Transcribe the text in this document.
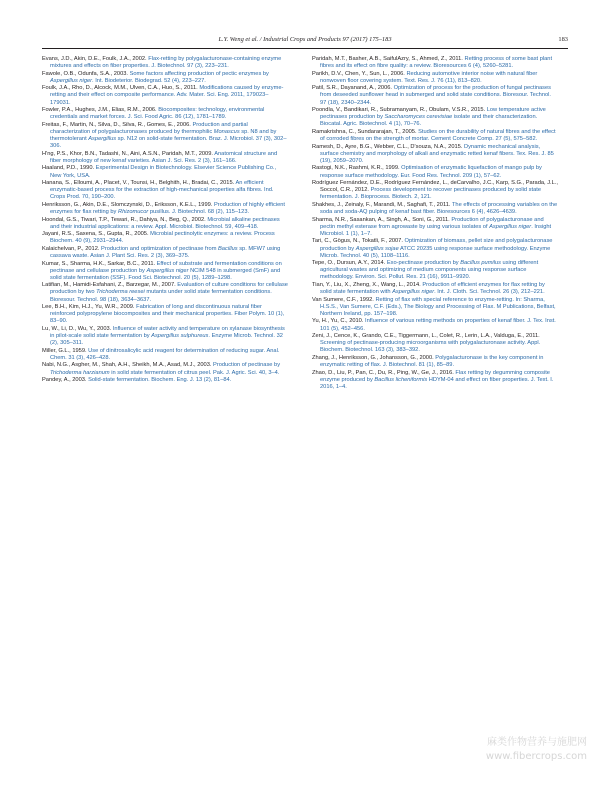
L.Y. Weng et al. / Industrial Crops and Products 97 (2017) 175–183	183
Evans, J.D., Akin, D.E., Foulk, J.A., 2002. Flax-retting by polygalacturonase-containing enzyme mixtures and effects on fiber properties. J. Biotechnol. 97 (3), 223–231.
Fawole, O.B., Odunfa, S.A., 2003. Some factors affecting production of pectic enzymes by Aspergillus niger. Int. Biodeterior. Biodegrad. 52 (4), 223–227.
Foulk, J.A., Rho, D., Alcock, M.M., Ulven, C.A., Huo, S., 2011. Modifications caused by enzyme-retting and their effect on composite performance. Adv. Mater. Sci. Eng. 2011, 179023–179031.
Fowler, P.A., Hughes, J.M., Elias, R.M., 2006. Biocomposites: technology, environmental credentials and market forces. J. Sci. Food Agric. 86 (12), 1781–1789.
Freitas, F., Martin, N., Silva, D., Silva, R., Gomes, E., 2006. Production and partial characterization of polygalacturonases produced by thermophilic Monascus sp. N8 and by thermotolerant Aspergillus sp. N12 on solid-state fermentation. Braz. J. Microbiol. 37 (3), 302–306.
H'ng, P.S., Khor, B.N., Tadashi, N., Aini, A.S.N., Paridah, M.T., 2009. Anatomical structure and fiber morphology of new kenaf varieties. Asian J. Sci. Res. 2 (3), 161–166.
Haaland, P.D., 1990. Experimental Design in Biotechnology. Elsevier Science Publishing Co., New York, USA.
Hanana, S., Elloumi, A., Placet, V., Tounsi, H., Belghith, H., Bradai, C., 2015. An efficient enzymatic-based process for the extraction of high-mechanical properties alfa fibres. Ind. Crops Prod. 70, 190–200.
Henriksson, G., Akin, D.E., Slomczynski, D., Eriksson, K.E.L., 1999. Production of highly efficient enzymes for flax retting by Rhizomucor pusillus. J. Biotechnol. 68 (2), 115–123.
Hoondal, G.S., Tiwari, T.P., Tewari, R., Dahiya, N., Beg, Q., 2002. Microbial alkaline pectinases and their industrial applications: a review. Appl. Microbiol. Biotechnol. 59, 409–418.
Jayani, R.S., Saxena, S., Gupta, R., 2005. Microbial pectinolytic enzymes: a review. Process Biochem. 40 (9), 2931–2944.
Kalaichelvan, P., 2012. Production and optimization of pectinase from Bacillus sp. MFW7 using cassava waste. Asian J. Plant Sci. Res. 2 (3), 369–375.
Kumar, S., Sharma, H.K., Sarkar, B.C., 2011. Effect of substrate and fermentation conditions on pectinase and cellulase production by Aspergillus niger NCIM 548 in submerged (SmF) and solid state fermentation (SSF). Food Sci. Biotechnol. 20 (5), 1289–1298.
Latifian, M., Hamidi-Esfahani, Z., Barzegar, M., 2007. Evaluation of culture conditions for cellulase production by two Trichoderma reesei mutants under solid state fermentation conditions. Bioresour. Technol. 98 (18), 3634–3637.
Lee, B.H., Kim, H.J., Yu, W.R., 2009. Fabrication of long and discontinuous natural fiber reinforced polypropylene biocomposites and their mechanical properties. Fiber Polym. 10 (1), 83–90.
Lu, W., Li, D., Wu, Y., 2003. Influence of water activity and temperature on xylanase biosynthesis in pilot-scale solid state fermentation by Aspergillus sulphureus. Enzyme Microb. Technol. 32 (2), 305–311.
Miller, G.L., 1959. Use of dinitrosalicylic acid reagent for determination of reducing sugar. Anal. Chem. 31 (3), 426–428.
Nabi, N.G., Asgher, M., Shah, A.H., Sheikh, M.A., Asad, M.J., 2003. Production of pectinase by Trichoderma harzianum in solid state fermentation of citrus peel. Pak. J. Agric. Sci. 40, 3–4.
Pandey, A., 2003. Solid-state fermentation. Biochem. Eng. J. 13 (2), 81–84.
Paridah, M.T., Basher, A.B., SaifulAzry, S., Ahmed, Z., 2011. Retting process of some bast plant fibres and its effect on fibre quality: a review. Bioresources 6 (4), 5260–5281.
Parikh, D.V., Chen, Y., Sun, L., 2006. Reducing automotive interior noise with natural fiber nonwoven floor covering system. Text. Res. J. 76 (11), 813–820.
Patil, S.R., Dayanand, A., 2006. Optimization of process for the production of fungal pectinases from deseeded sunflower head in submerged and solid state conditions. Bioresour. Technol. 97 (18), 2340–2344.
Poondla, V., Bandikari, R., Subramanyam, R., Obulam, V.S.R., 2015. Low temperature active pectinases production by Saccharomyces cerevisiae isolate and their characterization. Biocatal. Agric. Biotechnol. 4 (1), 70–76.
Ramakrishna, C., Sundararajan, T., 2005. Studies on the durability of natural fibres and the effect of corroded fibres on the strength of mortar. Cement Concrete Comp. 27 (5), 575–582.
Ramesh, D., Ayre, B.G., Webber, C.L., D'souza, N.A., 2015. Dynamic mechanical analysis, surface chemistry and morphology of alkali and enzymatic retted kenaf fibers. Tex. Res. J. 85 (19), 2059–2070.
Rastogi, N.K., Rashmi, K.R., 1999. Optimisation of enzymatic liquefaction of mango pulp by response surface methodology. Eur. Food Res. Technol. 209 (1), 57–62.
Rodríguez Fernández, D.E., Rodríguez Fernández, L., deCarvalho, J.C., Karp, S.G., Parada, J.L., Soccol, C.R., 2012. Process development to recover pectinases produced by solid state fermentation. J. Bioprocess. Biotech. 2, 121.
Shakhes, J., Zeinaly, F., Marandi, M., Saghafi, T., 2011. The effects of processing variables on the soda and soda-AQ pulping of kenaf bast fiber. Bioresources 6 (4), 4626–4639.
Sharma, N.R., Sasankan, A., Singh, A., Soni, G., 2011. Production of polygalacturonase and pectin methyl esterase from agrowaste by using various isolates of Aspergillus niger. Insight Microbiol. 1 (1), 1–7.
Tari, C., Gögus, N., Tokatli, F., 2007. Optimization of biomass, pellet size and polygalacturonase production by Aspergillus sojae ATCC 20235 using response surface methodology. Enzyme Microb. Technol. 40 (5), 1108–1116.
Tepe, O., Dursun, A.Y., 2014. Exo-pectinase production by Bacillus pumilus using different agricultural wastes and optimizing of medium components using response surface methodology. Environ. Sci. Pollut. Res. 21 (16), 9911–9920.
Tian, Y., Liu, X., Zheng, X., Wang, L., 2014. Production of efficient enzymes for flax retting by solid state fermentation with Aspergillus niger. Int. J. Cloth. Sci. Technol. 26 (3), 212–221.
Van Sumere, C.F., 1992. Retting of flax with special reference to enzyme-retting. In: Sharma, H.S.S., Van Sumere, C.F. (Eds.), The Biology and Processing of Flax. M Publications, Belfast, Northern Ireland, pp. 157–198.
Yu, H., Yu, C., 2010. Influence of various retting methods on properties of kenaf fiber. J. Tex. Inst. 101 (5), 452–456.
Zeni, J., Cence, K., Grando, C.E., Tiggermann, L., Colet, R., Lerin, L.A., Valduga, E., 2011. Screening of pectinase-producing microorganisms with polygalacturonase activity. Appl. Biochem. Biotechnol. 163 (3), 383–392.
Zhang, J., Henriksson, G., Johansson, G., 2000. Polygalacturonase is the key component in enzymatic retting of flax. J. Biotechnol. 81 (1), 85–89.
Zhao, D., Liu, P., Pan, C., Du, R., Ping, W., Ge, J., 2016. Flax retting by degumming composite enzyme produced by Bacillus licheniformis HDYM-04 and effect on fiber properties. J. Text. I. 2016, 1–4.
麻类作物营养与施肥网
www.fibercrops.com
